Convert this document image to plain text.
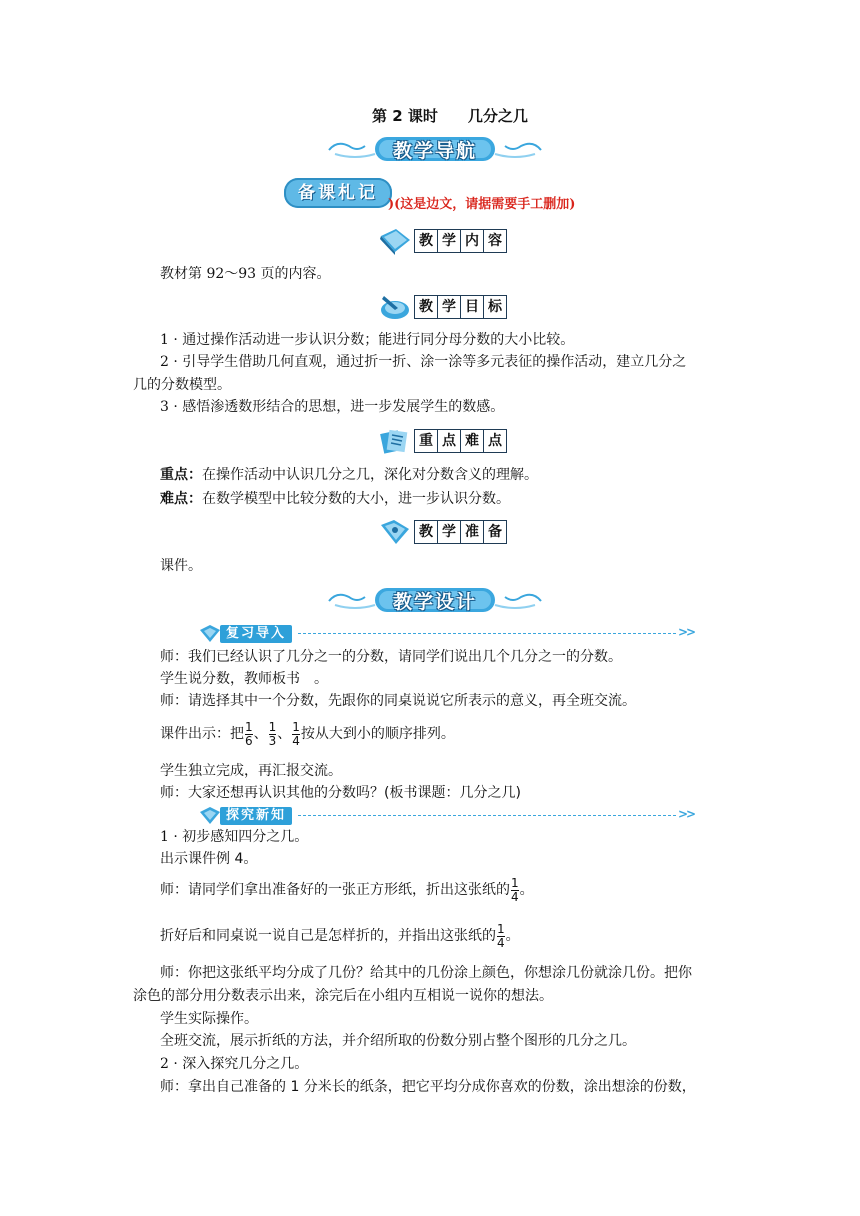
第 2 课时　　几分之几
教学导航
备课札记
)(这是边文，请据需要手工删加)
教 学 内 容
教材第 92～93 页的内容。
教 学 目 标
1 · 通过操作活动进一步认识分数；能进行同分母分数的大小比较。
2 · 引导学生借助几何直观，通过折一折、涂一涂等多元表征的操作活动，建立几分之
几的分数模型。
3 · 感悟渗透数形结合的思想，进一步发展学生的数感。
重 点 难 点
重点：在操作活动中认识几分之几，深化对分数含义的理解。
难点：在数学模型中比较分数的大小，进一步认识分数。
教 学 准 备
课件。
教学设计
复习导入	>>
师：我们已经认识了几分之一的分数，请同学们说出几个几分之一的分数。
学生说分数，教师板书　。
师：请选择其中一个分数，先跟你的同桌说说它所表示的意义，再全班交流。
课件出示：把 $\frac{1}{6}$ 、 $\frac{1}{3}$ 、 $\frac{1}{4}$ 按从大到小的顺序排列。
学生独立完成，再汇报交流。
师：大家还想再认识其他的分数吗？(板书课题：几分之几)
探究新知	>>
1 · 初步感知四分之几。
出示课件例 4。
师：请同学们拿出准备好的一张正方形纸，折出这张纸的 $\frac{1}{4}$ 。
折好后和同桌说一说自己是怎样折的，并指出这张纸的 $\frac{1}{4}$ 。
师：你把这张纸平均分成了几份？给其中的几份涂上颜色，你想涂几份就涂几份。把你
涂色的部分用分数表示出来，涂完后在小组内互相说一说你的想法。
学生实际操作。
全班交流，展示折纸的方法，并介绍所取的份数分别占整个图形的几分之几。
2 · 深入探究几分之几。
师：拿出自己准备的 1 分米长的纸条，把它平均分成你喜欢的份数，涂出想涂的份数，
